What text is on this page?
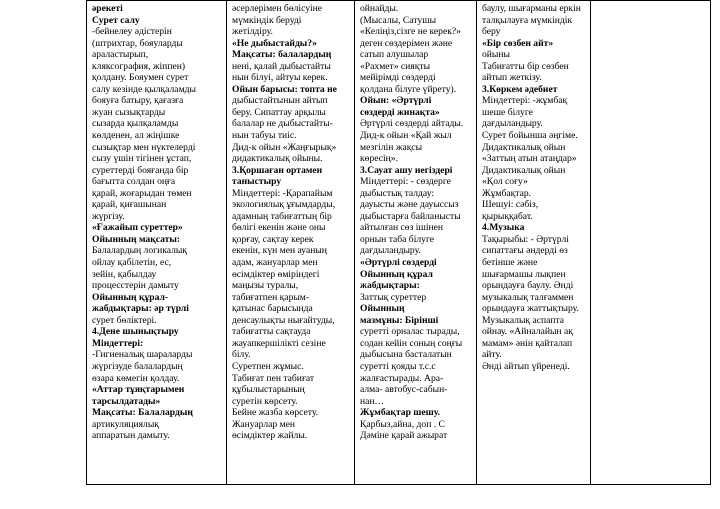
әрекеті
Сурет салу
-бейнелеу әдістерін
(штрихтар, бояуларды
араластырып,
кляксография, жіппен)
қолдану. Бояумен сурет
салу кезінде қылқаламды
бояуға батыру, қағазға
жуан сызықтарды
сызарда қылқаламды
көлденен, ал жіңішке
сызықтар мен нүктелерді
сызу үшін тігінен ұстап,
суреттерді бояғанда бір
бағытта солдан оңға
қарай, жоғарыдан төмен
қарай, қиғашынан
жүргізу.
«Ғажайып суреттер»
Ойынның мақсаты:
Балалардың логикалық
ойлау қабілетін, ес,
зейін, қабылдау
процесстерін дамыту
Ойынның құрал-
жабдықтары: әр түрлі
сурет бөліктері.
4.Дене шынықтыру
Міндеттері:
-Гигиеналық шараларды
жүргізуде балалардың
өзара көмегін қолдау.
«Аттар тұяқтарымен
тарсылдатады»
Мақсаты: Балалардың
артикуляциялық
аппаратын дамыту.

әсерлерімен бөлісуіне
мүмкіндік беруді
жетілдіру.
«Не дыбыстайды?»
Мақсаты: балалардың
нені, қалай дыбыстайты
нын білуі, айтуы керек.
Ойын барысы: топта не
дыбыстайтынын айтып
беру. Сипаттау арқылы
балалар не дыбыстайты-
нын табуы тиіс.
Дид-к ойын «Жаңғырық»
дидактикалық ойыны.
3.Қоршаған ортамен
таныстыру
Міндеттері: -Қарапайым
экологиялық ұғымдарды,
адамның табиғаттың бір
бөлігі екенін және оны
қорғау, сақтау керек
екенін, күн мен ауаның
адам, жануарлар мен
өсімдіктер өміріндегі
маңызы туралы,
табиғатпен қарым-
қатынас барысында
денсаулықты нығайтуды,
табиғатты сақтауда
жауапкершілікті сезіне
білу.
Суретпен жұмыс.
Табиғат пен табиғат
құбылыстарының
суретін көрсету.
Бейне жазба көрсету.
Жануарлар мен
өсімдіктер жайлы.

ойнайды.
(Мысалы, Сатушы
«Келіңіз,сізге не керек?»
деген сөздерімен және
сатып алушылар
«Рахмет» сияқты
мейірімді сөздерді
қолдана білуге үйрету).
Ойын: «Әртүрлі
сөздерді жинақта»
Әртүрлі сөздерді айтады.
Дид-к ойын «Қай жыл
мезгілін жақсы
көресің».
3.Сауат ашу негіздері
Міндеттері: - сөздерге
дыбыстық талдау:
дауысты және дауыссыз
дыбыстарға байланысты
айтылған сөз ішінен
орнын таба білуге
дағдыландыру.
«Әртүрлі сөздерді
Ойынның құрал
жабдықтары:
Заттық суреттер
Ойынның
мазмұны: Бірінші
суретті орналас тырады,
содан кейін соның соңғы
дыбысына басталатын
суретті қояды т.с.с
жалғастырады. Ара-
алма- автобус-сабын-
нан…
Жұмбақтар шешу.
Қарбыз,айна, доп . С
Дәміне қарай ажырат

баулу, шығарманы еркін
талқылауға мүмкіндік
беру
«Бір сөзбен айт»
ойыны
Табиғатты бір сөзбен
айтып жеткізу.
3.Көркем әдебиет
Міндеттері: -жұмбақ
шеше білуге
дағдыландыру.
Сурет бойынша әңгіме.
Дидактикалық ойын
«Заттың атын атаңдар»
Дидактикалық ойын
«Қол соғу»
Жұмбақтар.
Шешуі: сәбіз,
қырыққабат.
4.Музыка
Тақырыбы: - Әртүрлі
сипаттағы әндерді өз
бетінше және
шығармашы лықпен
орындауға баулу. Әнді
музыкалық талғаммен
орындауға жаттықтыру.
Музыкалық аспапта
ойнау. «Айналайын ақ
мамам» әнін қайталап
айту.
Әнді айтып үйренеді.
